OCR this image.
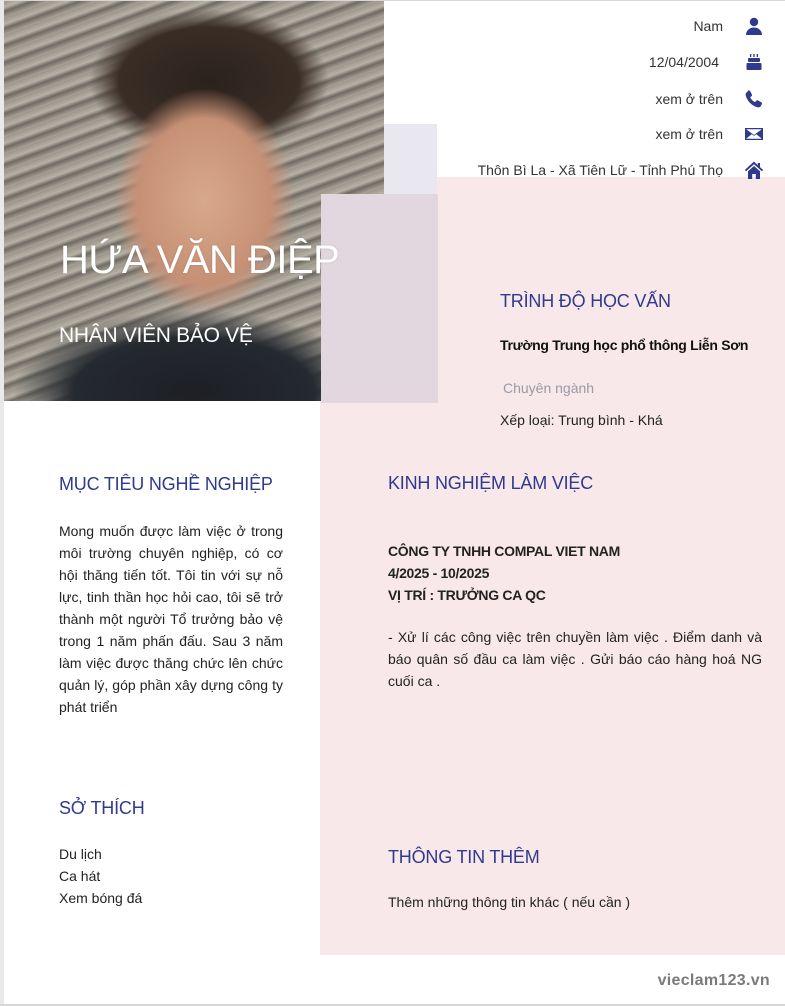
HỨA VĂN ĐIỆP
NHÂN VIÊN BẢO VỆ
Nam
12/04/2004
xem ở trên
xem ở trên
Thôn Bì La - Xã Tiên Lữ - Tỉnh Phú Thọ
TRÌNH ĐỘ HỌC VẤN
Trường Trung học phổ thông Liễn Sơn
Chuyên ngành
Xếp loại: Trung bình - Khá
MỤC TIÊU NGHỀ NGHIỆP
Mong muốn được làm việc ở trong môi trường chuyên nghiệp, có cơ hội thăng tiến tốt. Tôi tin với sự nỗ lực, tinh thần học hỏi cao, tôi sẽ trở thành một người Tổ trưởng bảo vệ trong 1 năm phấn đấu. Sau 3 năm làm việc được thăng chức lên chức quản lý, góp phần xây dựng công ty phát triển
KINH NGHIỆM LÀM VIỆC
CÔNG TY TNHH COMPAL VIET NAM
4/2025 - 10/2025
VỊ TRÍ : TRƯỞNG CA QC
- Xử lí các công việc trên chuyền làm việc . Điểm danh và báo quân số đầu ca làm việc . Gửi báo cáo hàng hoá NG cuối ca .
SỞ THÍCH
Du lịch
Ca hát
Xem bóng đá
THÔNG TIN THÊM
Thêm những thông tin khác ( nếu cần )
vieclam123.vn
